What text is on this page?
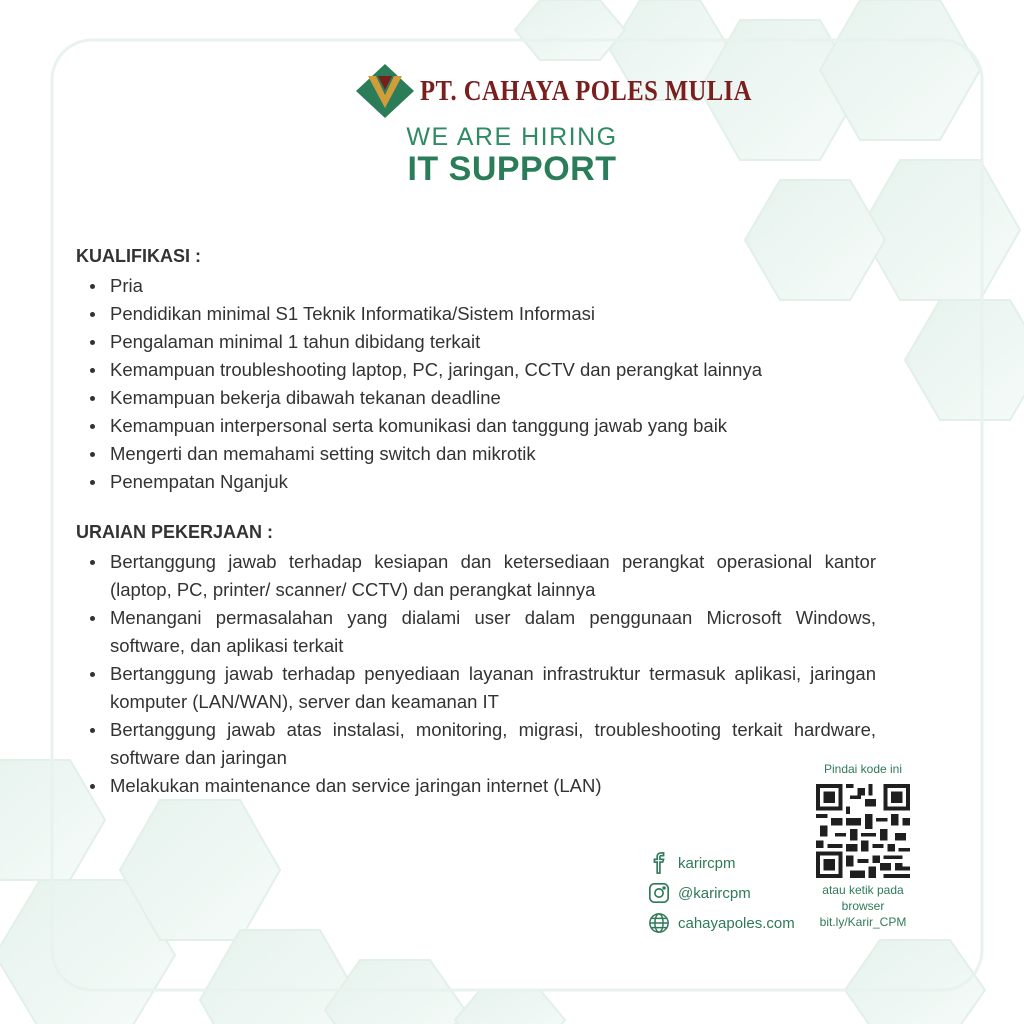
PT. CAHAYA POLES MULIA
WE ARE HIRING
IT SUPPORT
KUALIFIKASI :
Pria
Pendidikan minimal S1 Teknik Informatika/Sistem Informasi
Pengalaman minimal 1 tahun dibidang terkait
Kemampuan troubleshooting laptop, PC, jaringan, CCTV dan perangkat lainnya
Kemampuan bekerja dibawah tekanan deadline
Kemampuan interpersonal serta komunikasi dan tanggung jawab yang baik
Mengerti dan memahami setting switch dan mikrotik
Penempatan Nganjuk
URAIAN PEKERJAAN :
Bertanggung jawab terhadap kesiapan dan ketersediaan perangkat operasional kantor (laptop, PC, printer/ scanner/ CCTV) dan perangkat lainnya
Menangani permasalahan yang dialami user dalam penggunaan Microsoft Windows, software, dan aplikasi terkait
Bertanggung jawab terhadap penyediaan layanan infrastruktur termasuk aplikasi, jaringan komputer (LAN/WAN), server dan keamanan IT
Bertanggung jawab atas instalasi, monitoring, migrasi, troubleshooting terkait hardware, software dan jaringan
Melakukan maintenance dan service jaringan internet (LAN)
karircpm
@karircpm
cahayapoles.com
Pindai kode ini
atau ketik pada
browser
bit.ly/Karir_CPM
